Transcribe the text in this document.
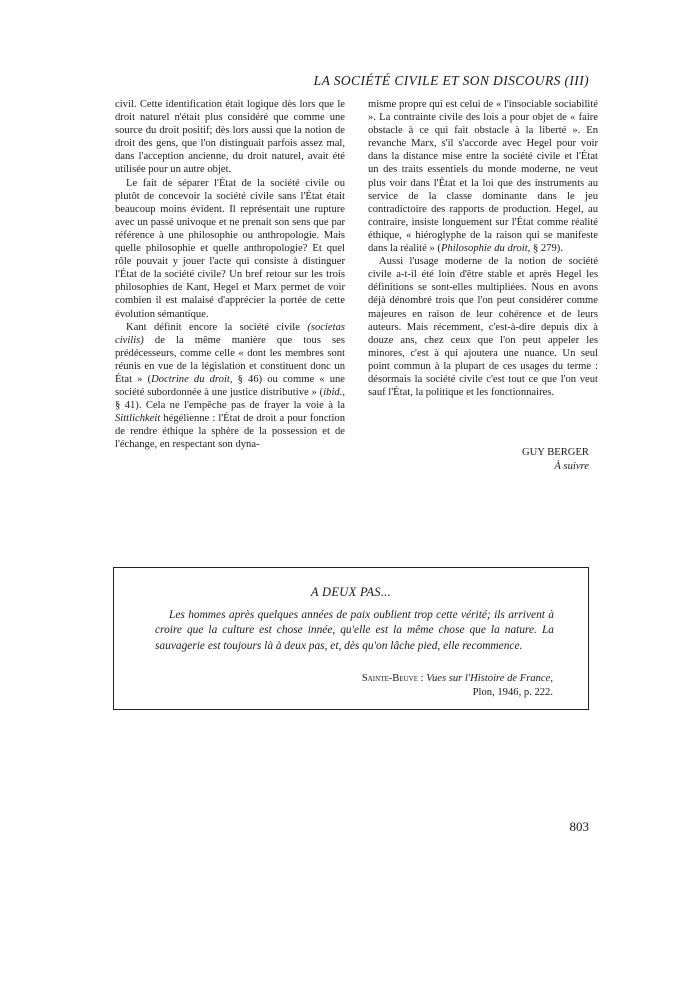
LA SOCIÉTÉ CIVILE ET SON DISCOURS (III)

civil. Cette identification était logique dès lors que le droit naturel n'était plus considéré que comme une source du droit positif; dès lors aussi que la notion de droit des gens, que l'on distinguait parfois assez mal, dans l'acception ancienne, du droit naturel, avait été utilisée pour un autre objet.

Le fait de séparer l'État de la société civile ou plutôt de concevoir la société civile sans l'État était beaucoup moins évident. Il représentait une rupture avec un passé univoque et ne prenait son sens que par référence à une philosophie ou anthropologie. Mais quelle philosophie et quelle anthropologie? Et quel rôle pouvait y jouer l'acte qui consiste à distinguer l'État de la société civile? Un bref retour sur les trois philosophies de Kant, Hegel et Marx permet de voir combien il est malaisé d'apprécier la portée de cette évolution sémantique.

Kant définit encore la société civile (societas civilis) de la même manière que tous ses prédécesseurs, comme celle « dont les membres sont réunis en vue de la législation et constituent donc un État » (Doctrine du droit, § 46) ou comme « une société subordonnée à une justice distributive » (ibid., § 41). Cela ne l'empêche pas de frayer la voie à la Sittlichkeit hégélienne : l'État de droit a pour fonction de rendre éthique la sphère de la possession et de l'échange, en respectant son dyna-

misme propre qui est celui de « l'insociable sociabilité ». La contrainte civile des lois a pour objet de « faire obstacle à ce qui fait obstacle à la liberté ». En revanche Marx, s'il s'accorde avec Hegel pour voir dans la distance mise entre la société civile et l'État un des traits essentiels du monde moderne, ne veut plus voir dans l'État et la loi que des instruments au service de la classe dominante dans le jeu contradictoire des rapports de production. Hegel, au contraire, insiste longuement sur l'État comme réalité éthique, « hiéroglyphe de la raison qui se manifeste dans la réalité » (Philosophie du droit, § 279).

Aussi l'usage moderne de la notion de société civile a-t-il été loin d'être stable et après Hegel les définitions se sont-elles multipliées. Nous en avons déjà dénombré trois que l'on peut considérer comme majeures en raison de leur cohérence et de leurs auteurs. Mais récemment, c'est-à-dire depuis dix à douze ans, chez ceux que l'on peut appeler les minores, c'est à qui ajoutera une nuance. Un seul point commun à la plupart de ces usages du terme : désormais la société civile c'est tout ce que l'on veut sauf l'État, la politique et les fonctionnaires.

GUY BERGER
À suivre
A DEUX PAS...
Les hommes après quelques années de paix oublient trop cette vérité; ils arrivent à croire que la culture est chose innée, qu'elle est la même chose que la nature. La sauvagerie est toujours là à deux pas, et, dès qu'on lâche pied, elle recommence.
Sainte-Beuve : Vues sur l'Histoire de France,
Plon, 1946, p. 222.
803
